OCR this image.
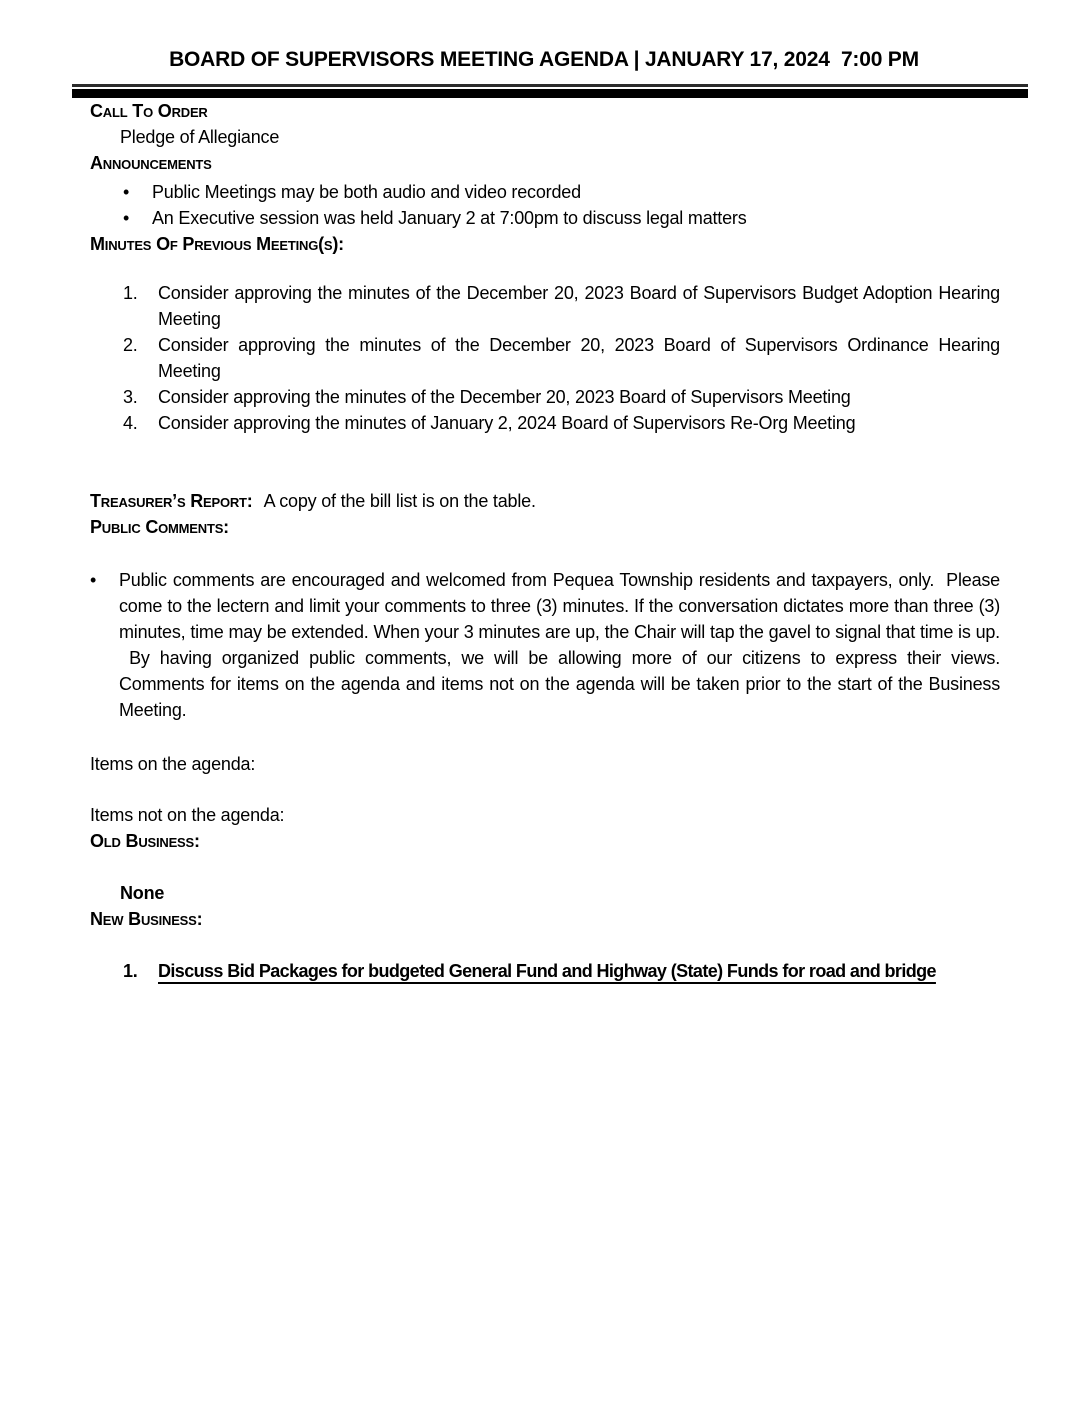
BOARD OF SUPERVISORS MEETING AGENDA | JANUARY 17, 2024  7:00 PM
Call To Order

Pledge of Allegiance

Announcements
•	Public Meetings may be both audio and video recorded
•	An Executive session was held January 2 at 7:00pm to discuss legal matters
Minutes Of Previous Meeting(s):
1.	Consider approving the minutes of the December 20, 2023 Board of Supervisors Budget Adoption Hearing Meeting
2.	Consider approving the minutes of the December 20, 2023 Board of Supervisors Ordinance Hearing Meeting
3.	Consider approving the minutes of the December 20, 2023 Board of Supervisors Meeting
4.	Consider approving the minutes of January 2, 2024 Board of Supervisors Re-Org Meeting

Treasurer’s Report: A copy of the bill list is on the table.

Public Comments:
•	Public comments are encouraged and welcomed from Pequea Township residents and taxpayers, only.  Please come to the lectern and limit your comments to three (3) minutes. If the conversation dictates more than three (3) minutes, time may be extended. When your 3 minutes are up, the Chair will tap the gavel to signal that time is up.  By having organized public comments, we will be allowing more of our citizens to express their views. Comments for items on the agenda and items not on the agenda will be taken prior to the start of the Business Meeting.

Items on the agenda:

Items not on the agenda:

Old Business:

None

New Business:
1.	Discuss Bid Packages for budgeted General Fund and Highway (State) Funds for road and bridge
